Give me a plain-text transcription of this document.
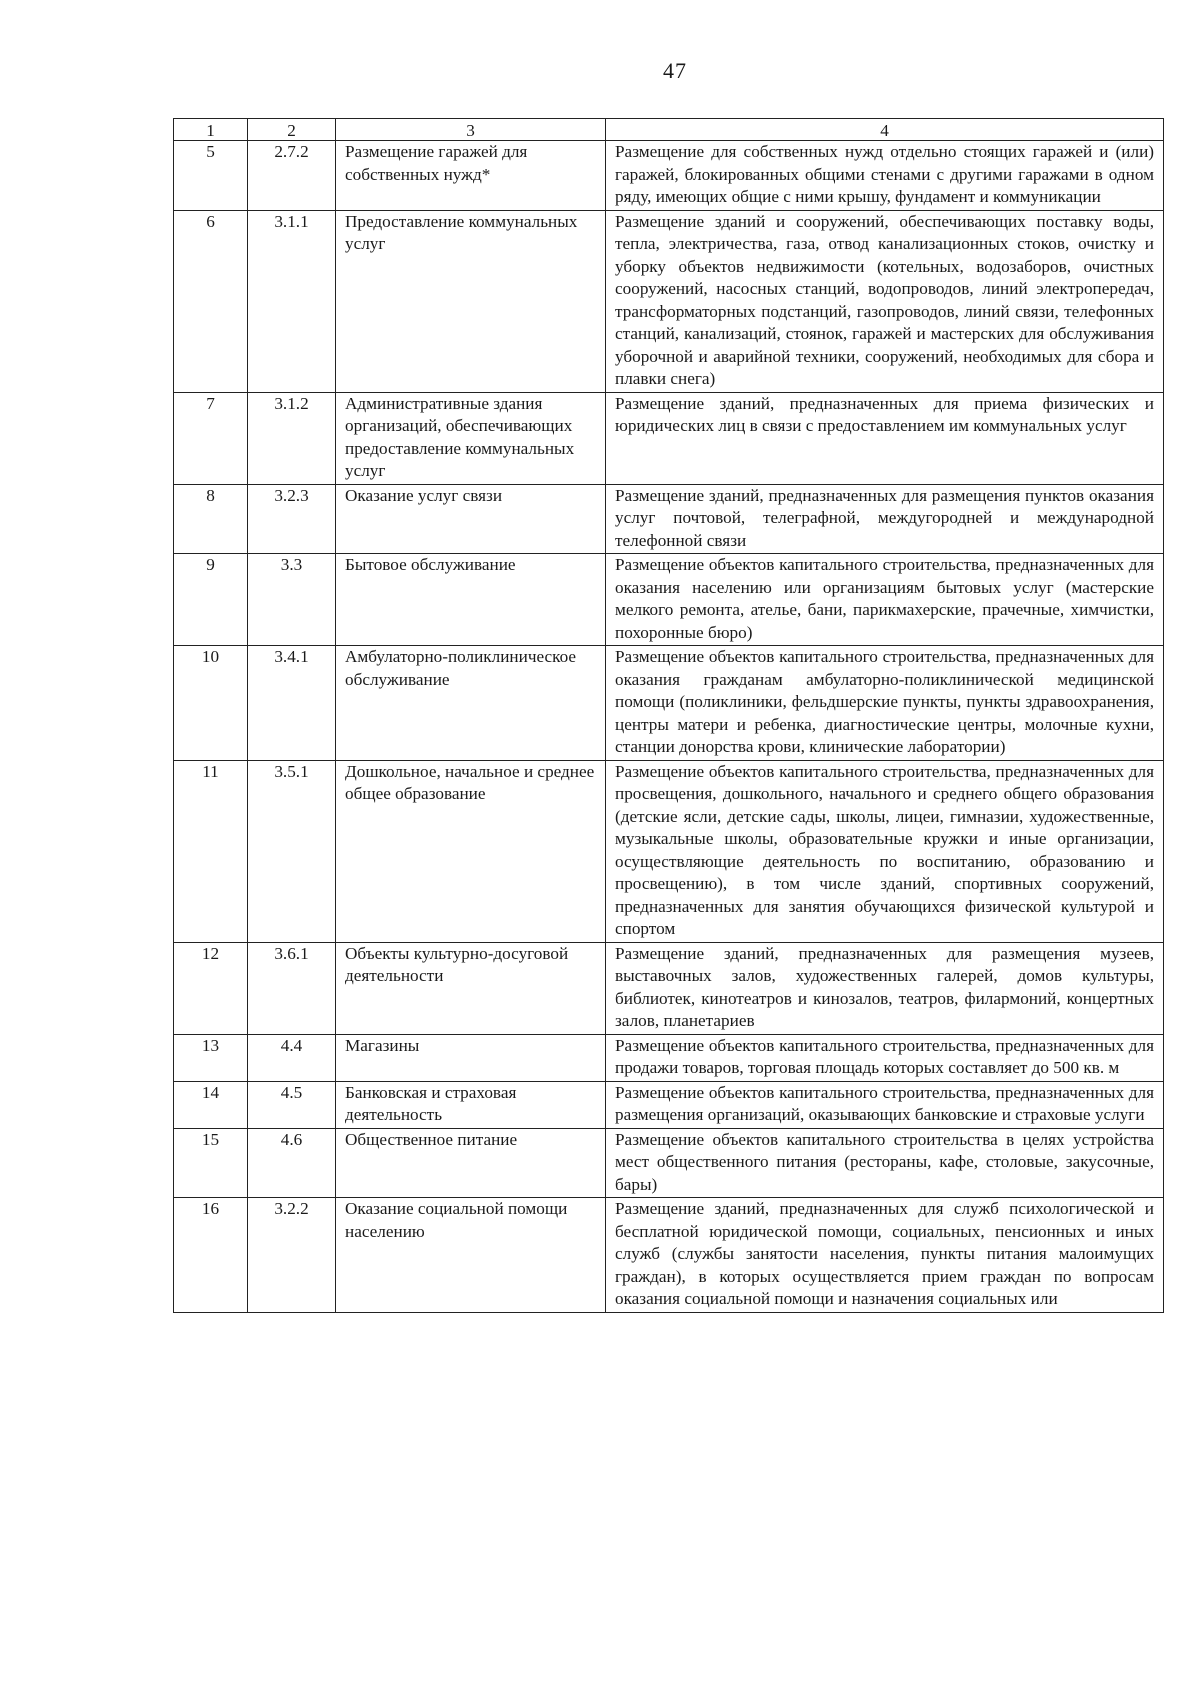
47
1	2	3	4
5	2.7.2	Размещение гаражей для собственных нужд*	Размещение для собственных нужд отдельно стоящих гаражей и (или) гаражей, блокированных общими стенами с другими гаражами в одном ряду, имеющих общие с ними крышу, фундамент и коммуникации
6	3.1.1	Предоставление коммунальных услуг	Размещение зданий и сооружений, обеспечивающих поставку воды, тепла, электричества, газа, отвод канализационных стоков, очистку и уборку объектов недвижимости (котельных, водозаборов, очистных сооружений, насосных станций, водопроводов, линий электропередач, трансформаторных подстанций, газопроводов, линий связи, телефонных станций, канализаций, стоянок, гаражей и мастерских для обслуживания уборочной и аварийной техники, сооружений, необходимых для сбора и плавки снега)
7	3.1.2	Административные здания организаций, обеспечивающих предоставление коммунальных услуг	Размещение зданий, предназначенных для приема физических и юридических лиц в связи с предоставлением им коммунальных услуг
8	3.2.3	Оказание услуг связи	Размещение зданий, предназначенных для размещения пунктов оказания услуг почтовой, телеграфной, междугородней и международной телефонной связи
9	3.3	Бытовое обслуживание	Размещение объектов капитального строительства, предназначенных для оказания населению или организациям бытовых услуг (мастерские мелкого ремонта, ателье, бани, парикмахерские, прачечные, химчистки, похоронные бюро)
10	3.4.1	Амбулаторно-поликлиническое обслуживание	Размещение объектов капитального строительства, предназначенных для оказания гражданам амбулаторно-поликлинической медицинской помощи (поликлиники, фельдшерские пункты, пункты здравоохранения, центры матери и ребенка, диагностические центры, молочные кухни, станции донорства крови, клинические лаборатории)
11	3.5.1	Дошкольное, начальное и среднее общее образование	Размещение объектов капитального строительства, предназначенных для просвещения, дошкольного, начального и среднего общего образования (детские ясли, детские сады, школы, лицеи, гимназии, художественные, музыкальные школы, образовательные кружки и иные организации, осуществляющие деятельность по воспитанию, образованию и просвещению), в том числе зданий, спортивных сооружений, предназначенных для занятия обучающихся физической культурой и спортом
12	3.6.1	Объекты культурно-досуговой деятельности	Размещение зданий, предназначенных для размещения музеев, выставочных залов, художественных галерей, домов культуры, библиотек, кинотеатров и кинозалов, театров, филармоний, концертных залов, планетариев
13	4.4	Магазины	Размещение объектов капитального строительства, предназначенных для продажи товаров, торговая площадь которых составляет до 500 кв. м
14	4.5	Банковская и страховая деятельность	Размещение объектов капитального строительства, предназначенных для размещения организаций, оказывающих банковские и страховые услуги
15	4.6	Общественное питание	Размещение объектов капитального строительства в целях устройства мест общественного питания (рестораны, кафе, столовые, закусочные, бары)
16	3.2.2	Оказание социальной помощи населению	Размещение зданий, предназначенных для служб психологической и бесплатной юридической помощи, социальных, пенсионных и иных служб (службы занятости населения, пункты питания малоимущих граждан), в которых осуществляется прием граждан по вопросам оказания социальной помощи и назначения социальных или
